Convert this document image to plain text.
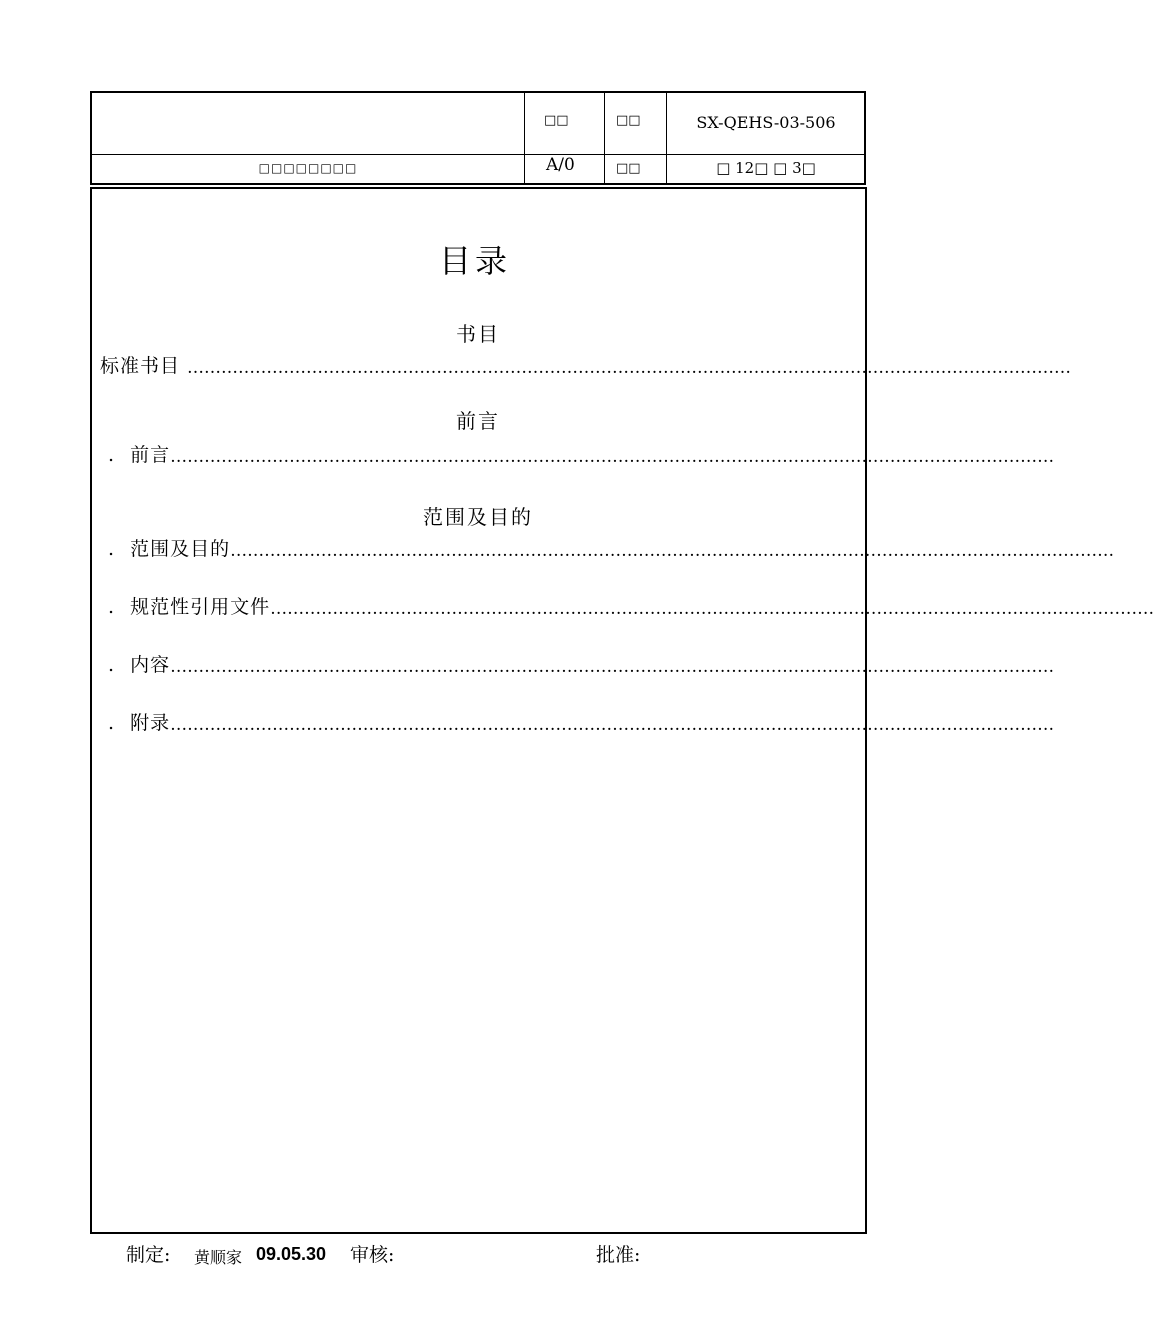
□□□□□□□□
□□
A/0
□□
□□
SX-QEHS-03-506
□ 12□ □ 3□
目录
书目
标准书目 …………………………………………………………………………………………………………………………………………
前言
. 前言…………………………………………………………………………………………………………………………………………
范围及目的
. 范围及目的…………………………………………………………………………………………………………………………………………
. 规范性引用文件…………………………………………………………………………………………………………………………………………
. 内容…………………………………………………………………………………………………………………………………………
. 附录…………………………………………………………………………………………………………………………………………
制定: 黄顺家 09.05.30 审核:	批准:
